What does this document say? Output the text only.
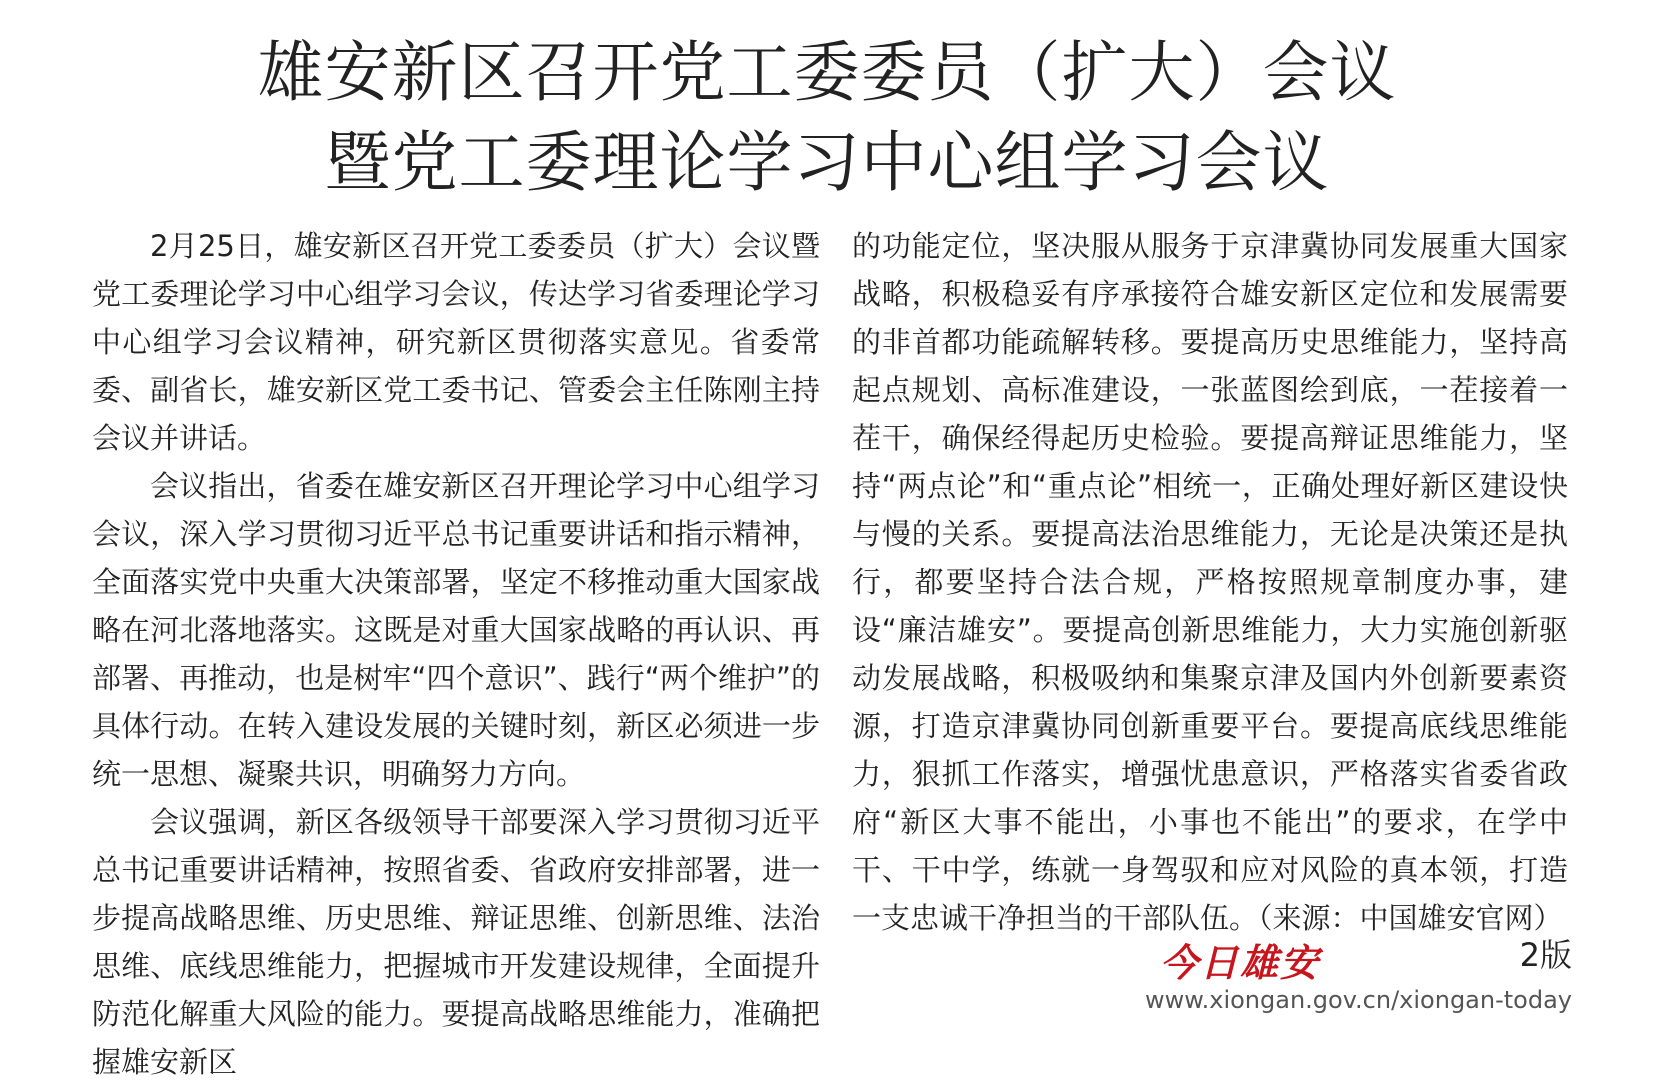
雄安新区召开党工委委员（扩大）会议
暨党工委理论学习中心组学习会议

2月25日，雄安新区召开党工委委员（扩大）会议暨党工委理论学习中心组学习会议，传达学习省委理论学习中心组学习会议精神，研究新区贯彻落实意见。省委常委、副省长，雄安新区党工委书记、管委会主任陈刚主持会议并讲话。

会议指出，省委在雄安新区召开理论学习中心组学习会议，深入学习贯彻习近平总书记重要讲话和指示精神，全面落实党中央重大决策部署，坚定不移推动重大国家战略在河北落地落实。这既是对重大国家战略的再认识、再部署、再推动，也是树牢“四个意识”、践行“两个维护”的具体行动。在转入建设发展的关键时刻，新区必须进一步统一思想、凝聚共识，明确努力方向。

会议强调，新区各级领导干部要深入学习贯彻习近平总书记重要讲话精神，按照省委、省政府安排部署，进一步提高战略思维、历史思维、辩证思维、创新思维、法治思维、底线思维能力，把握城市开发建设规律，全面提升防范化解重大风险的能力。要提高战略思维能力，准确把握雄安新区

的功能定位，坚决服从服务于京津冀协同发展重大国家战略，积极稳妥有序承接符合雄安新区定位和发展需要的非首都功能疏解转移。要提高历史思维能力，坚持高起点规划、高标准建设，一张蓝图绘到底，一茬接着一茬干，确保经得起历史检验。要提高辩证思维能力，坚持“两点论”和“重点论”相统一，正确处理好新区建设快与慢的关系。要提高法治思维能力，无论是决策还是执行，都要坚持合法合规，严格按照规章制度办事，建设“廉洁雄安”。要提高创新思维能力，大力实施创新驱动发展战略，积极吸纳和集聚京津及国内外创新要素资源，打造京津冀协同创新重要平台。要提高底线思维能力，狠抓工作落实，增强忧患意识，严格落实省委省政府“新区大事不能出，小事也不能出”的要求，在学中干、干中学，练就一身驾驭和应对风险的真本领，打造一支忠诚干净担当的干部队伍。（来源：中国雄安官网）

今日雄安	2版
www.xiongan.gov.cn/xiongan-today
